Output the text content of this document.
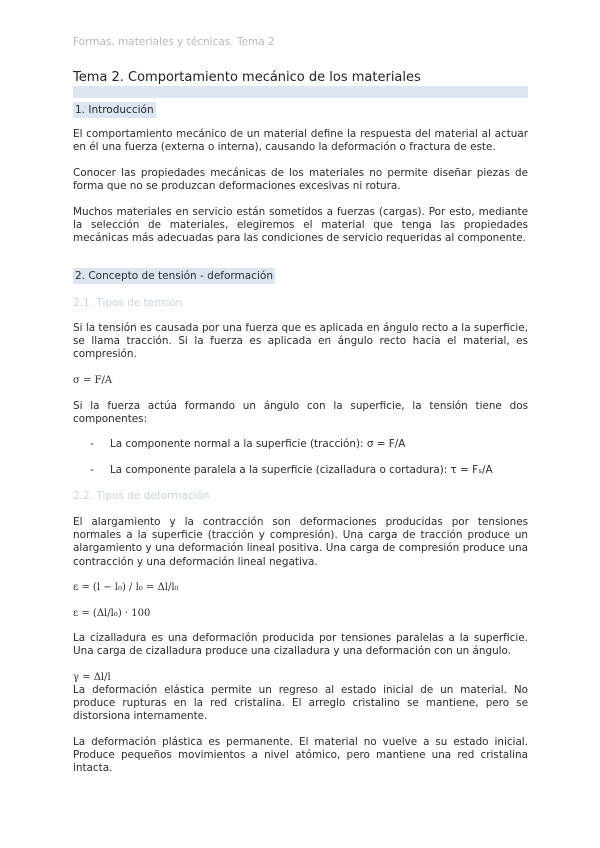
Formas, materiales y técnicas. Tema 2
Tema 2. Comportamiento mecánico de los materiales
1. Introducción
El comportamiento mecánico de un material define la respuesta del material al actuar en él una fuerza (externa o interna), causando la deformación o fractura de este.
Conocer las propiedades mecánicas de los materiales no permite diseñar piezas de forma que no se produzcan deformaciones excesivas ni rotura.
Muchos materiales en servicio están sometidos a fuerzas (cargas). Por esto, mediante la selección de materiales, elegiremos el material que tenga las propiedades mecánicas más adecuadas para las condiciones de servicio requeridas al componente.
2. Concepto de tensión - deformación
2.1. Tipos de tensión
Si la tensión es causada por una fuerza que es aplicada en ángulo recto a la superficie, se llama tracción. Si la fuerza es aplicada en ángulo recto hacia el material, es compresión.
σ = F/A
Si la fuerza actúa formando un ángulo con la superficie, la tensión tiene dos componentes:
- La componente normal a la superficie (tracción): σ = F/A
- La componente paralela a la superficie (cizalladura o cortadura): τ = Fₛ/A
2.2. Tipos de deformación
El alargamiento y la contracción son deformaciones producidas por tensiones normales a la superficie (tracción y compresión). Una carga de tracción produce un alargamiento y una deformación lineal positiva. Una carga de compresión produce una contracción y una deformación lineal negativa.
ε = (l − l₀) / l₀ = Δl/l₀
ε = (Δl/l₀) · 100
La cizalladura es una deformación producida por tensiones paralelas a la superficie. Una carga de cizalladura produce una cizalladura y una deformación con un ángulo.
γ = Δl/l
La deformación elástica permite un regreso al estado inicial de un material. No produce rupturas en la red cristalina. El arreglo cristalino se mantiene, pero se distorsiona internamente.
La deformación plástica es permanente. El material no vuelve a su estado inicial. Produce pequeños movimientos a nivel atómico, pero mantiene una red cristalina intacta.
